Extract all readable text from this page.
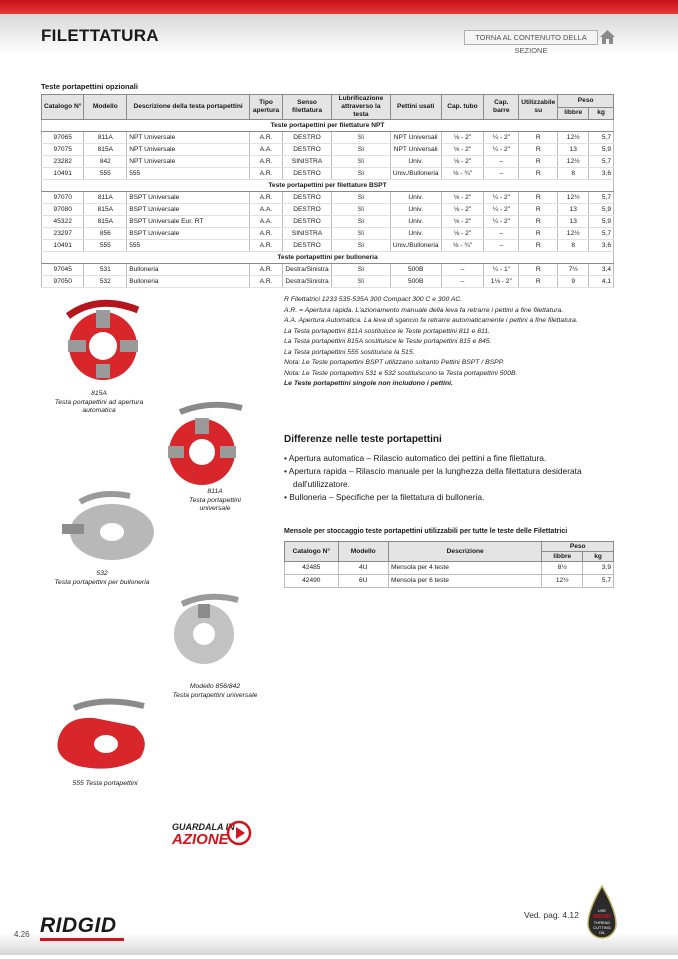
FILETTATURA	TORNA AL CONTENUTO DELLA SEZIONE
Teste portapettini opzionali
Catalogo N°	Modello	Descrizione della testa portapettini	Tipo apertura	Senso filettatura	Lubrificazione attraverso la testa	Pettini usati	Cap. tubo	Cap. barre	Utilizzabile su	Peso	
										libbre	kg
Teste portapettini per filettature NPT											
97065	811A	NPT Universale	A.R.	DESTRO	Sì	NPT Universali	⅛ - 2"	¼ - 2"	R	12½	5,7
97075	815A	NPT Universale	A.A.	DESTRO	Sì	NPT Universali	⅛ - 2"	¼ - 2"	R	13	5,9
23282	842	NPT Universale	A.R.	SINISTRA	Sì	Univ.	⅛ - 2"	–	R	12½	5,7
10491	555	555	A.R.	DESTRO	Sì	Univ./Bulloneria	⅛ - ¾"	–	R	8	3,6
Teste portapettini per filettature BSPT											
97070	811A	BSPT Universale	A.R.	DESTRO	Sì	Univ.	⅛ - 2"	¼ - 2"	R	12½	5,7
97080	815A	BSPT Universale	A.A.	DESTRO	Sì	Univ.	⅛ - 2"	¼ - 2"	R	13	5,9
45322	815A	BSPT Universale Eur. RT	A.A.	DESTRO	Sì	Univ.	⅛ - 2"	¼ - 2"	R	13	5,9
23297	856	BSPT Universale	A.R.	SINISTRA	Sì	Univ.	⅛ - 2"	–	R	12½	5,7
10491	555	555	A.R.	DESTRO	Sì	Univ./Bulloneria	⅛ - ¾"	–	R	8	3,6
Teste portapettini per bulloneria											
97045	531	Bulloneria	A.R.	Destra/Sinistra	Sì	500B	–	¼ - 1"	R	7½	3,4
97050	532	Bulloneria	A.R.	Destra/Sinistra	Sì	500B	–	1⅛ - 2"	R	9	4,1
R Filettatrici 1233 535-535A 300 Compact 300 C e 300 AC.
A.R. = Apertura rapida. L'azionamento manuale della leva fa retrarre i pettini a fine filettatura.
A.A. Apertura Automatica. La leva di sgancio fa retrarre automaticamente i pettini a fine filettatura.
La Testa portapettini 811A sostituisce le Teste portapettini 811 e 811.
La Testa portapettini 815A sostituisce le Teste portapettini 815 e 845.
La Testa portapettini 555 sostituisce la 515.
Nota: Le Teste portapettini BSPT utilizzano soltanto Pettini BSPT / BSPP.
Nota: Le Teste portapettini 531 e 532 sostituiscono la Testa portapettini 500B.
Le Teste portapettini singole non includono i pettini.
Differenze nelle teste portapettini
• Apertura automatica – Rilascio automatico dei pettini a fine filettatura.
• Apertura rapida – Rilascio manuale per la lunghezza della filettatura desiderata dall'utilizzatore.
• Bulloneria – Specifiche per la filettatura di bulloneria.
Mensole per stoccaggio teste portapettini utilizzabili per tutte le teste delle Filettatrici
Catalogo N°	Modello	Descrizione	Peso	
			libbre	kg
42485	4U	Mensola per 4 teste	8½	3,9
42490	6U	Mensola per 6 teste	12½	5,7
815A
Testa portapettini ad apertura automatica
811A
Testa portapettini universale
532
Testa portapettini per bulloneria
Modello 856/842
Testa portapettini universale
555 Testa portapettini
GUARDALA IN
AZIONE
RIDGID
4.26
Ved. pag. 4.12	USE
RIDGID
THREAD
CUTTING
OIL
